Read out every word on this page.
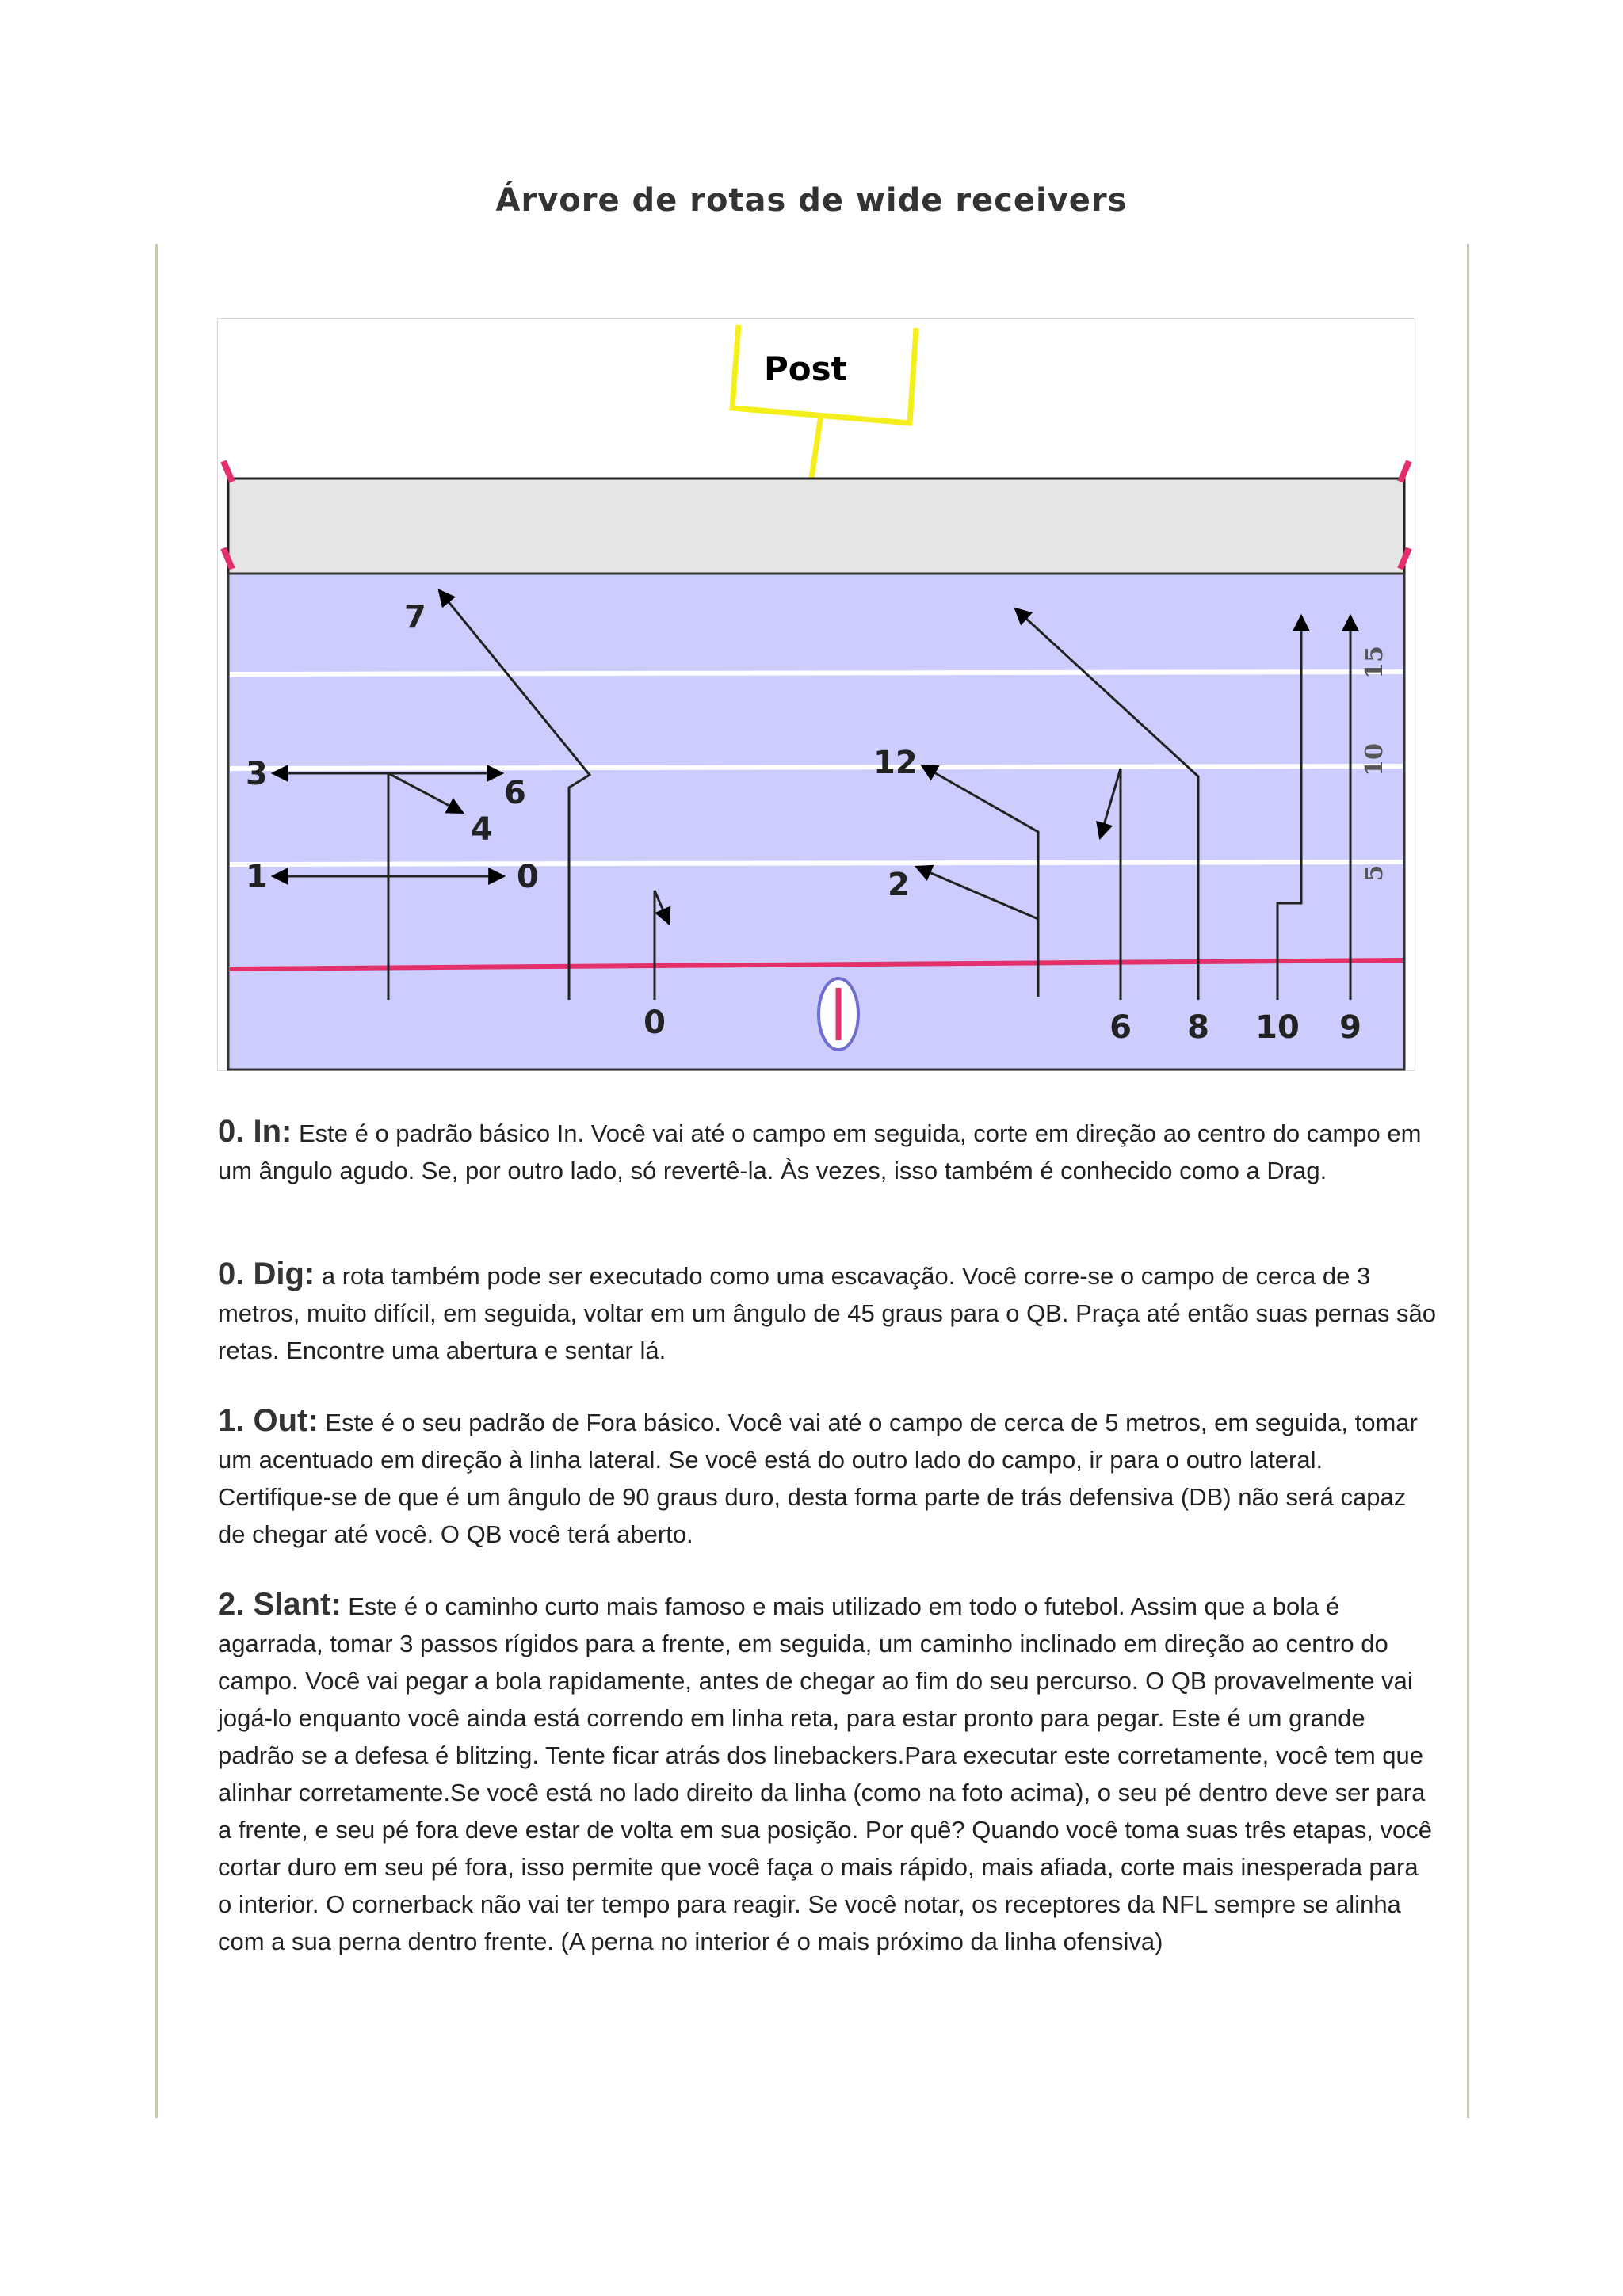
Árvore de rotas de wide receivers
Post
15
10
5
7
3
6
4
1	0
12
2
0	6 8 10 9

0. In: Este é o padrão básico In. Você vai até o campo em seguida, corte em direção ao centro do campo em um ângulo agudo. Se, por outro lado, só revertê-la. Às vezes, isso também é conhecido como a Drag.

0. Dig: a rota também pode ser executado como uma escavação. Você corre-se o campo de cerca de 3 metros, muito difícil, em seguida, voltar em um ângulo de 45 graus para o QB. Praça até então suas pernas são retas. Encontre uma abertura e sentar lá.

1. Out: Este é o seu padrão de Fora básico. Você vai até o campo de cerca de 5 metros, em seguida, tomar um acentuado em direção à linha lateral. Se você está do outro lado do campo, ir para o outro lateral. Certifique-se de que é um ângulo de 90 graus duro, desta forma parte de trás defensiva (DB) não será capaz de chegar até você. O QB você terá aberto.

2. Slant: Este é o caminho curto mais famoso e mais utilizado em todo o futebol. Assim que a bola é agarrada, tomar 3 passos rígidos para a frente, em seguida, um caminho inclinado em direção ao centro do campo. Você vai pegar a bola rapidamente, antes de chegar ao fim do seu percurso. O QB provavelmente vai jogá-lo enquanto você ainda está correndo em linha reta, para estar pronto para pegar. Este é um grande padrão se a defesa é blitzing. Tente ficar atrás dos linebackers.Para executar este corretamente, você tem que alinhar corretamente.Se você está no lado direito da linha (como na foto acima), o seu pé dentro deve ser para a frente, e seu pé fora deve estar de volta em sua posição. Por quê? Quando você toma suas três etapas, você cortar duro em seu pé fora, isso permite que você faça o mais rápido, mais afiada, corte mais inesperada para o interior. O cornerback não vai ter tempo para reagir. Se você notar, os receptores da NFL sempre se alinha com a sua perna dentro frente. (A perna no interior é o mais próximo da linha ofensiva)
